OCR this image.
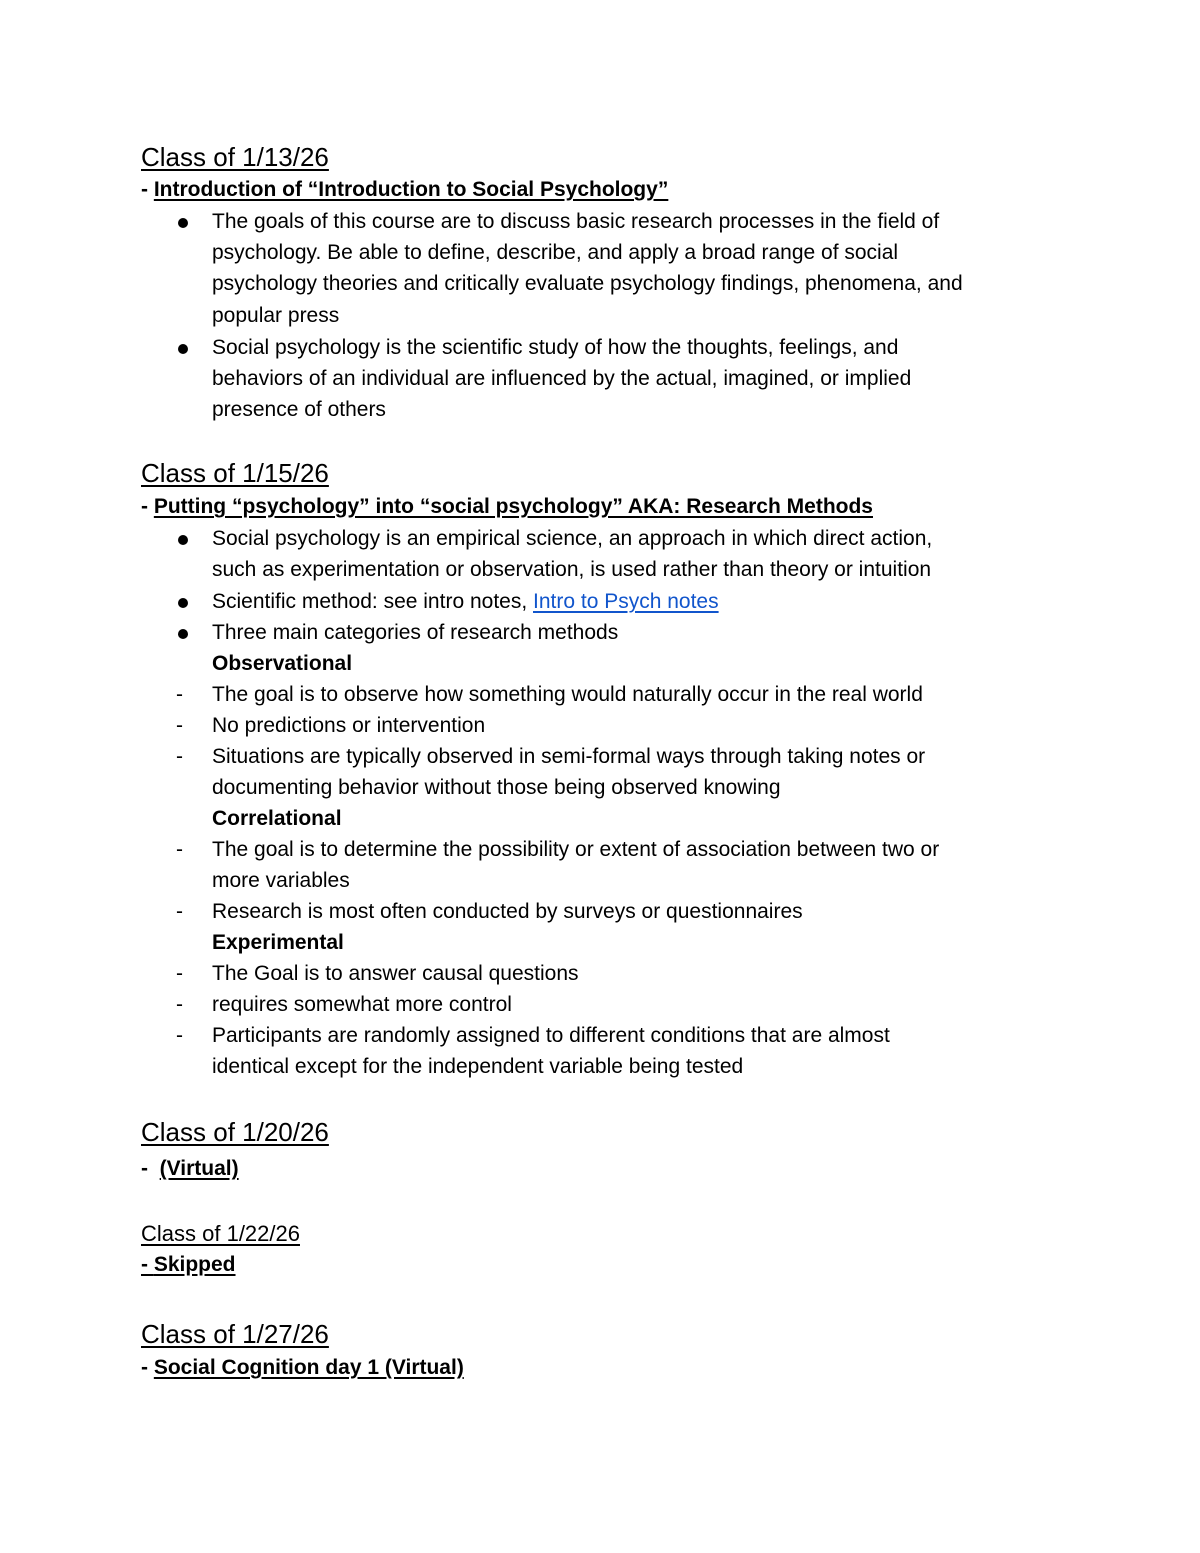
Class of 1/13/26
- Introduction of “Introduction to Social Psychology”
The goals of this course are to discuss basic research processes in the field of
psychology. Be able to define, describe, and apply a broad range of social
psychology theories and critically evaluate psychology findings, phenomena, and
popular press
Social psychology is the scientific study of how the thoughts, feelings, and
behaviors of an individual are influenced by the actual, imagined, or implied
presence of others
Class of 1/15/26
- Putting “psychology” into “social psychology” AKA: Research Methods
Social psychology is an empirical science, an approach in which direct action,
such as experimentation or observation, is used rather than theory or intuition
Scientific method: see intro notes, Intro to Psych notes
Three main categories of research methods
Observational
- The goal is to observe how something would naturally occur in the real world
- No predictions or intervention
- Situations are typically observed in semi-formal ways through taking notes or
documenting behavior without those being observed knowing
Correlational
- The goal is to determine the possibility or extent of association between two or
more variables
- Research is most often conducted by surveys or questionnaires
Experimental
- The Goal is to answer causal questions
- requires somewhat more control
- Participants are randomly assigned to different conditions that are almost
identical except for the independent variable being tested
Class of 1/20/26
- (Virtual)
Class of 1/22/26
- Skipped
Class of 1/27/26
- Social Cognition day 1 (Virtual)
